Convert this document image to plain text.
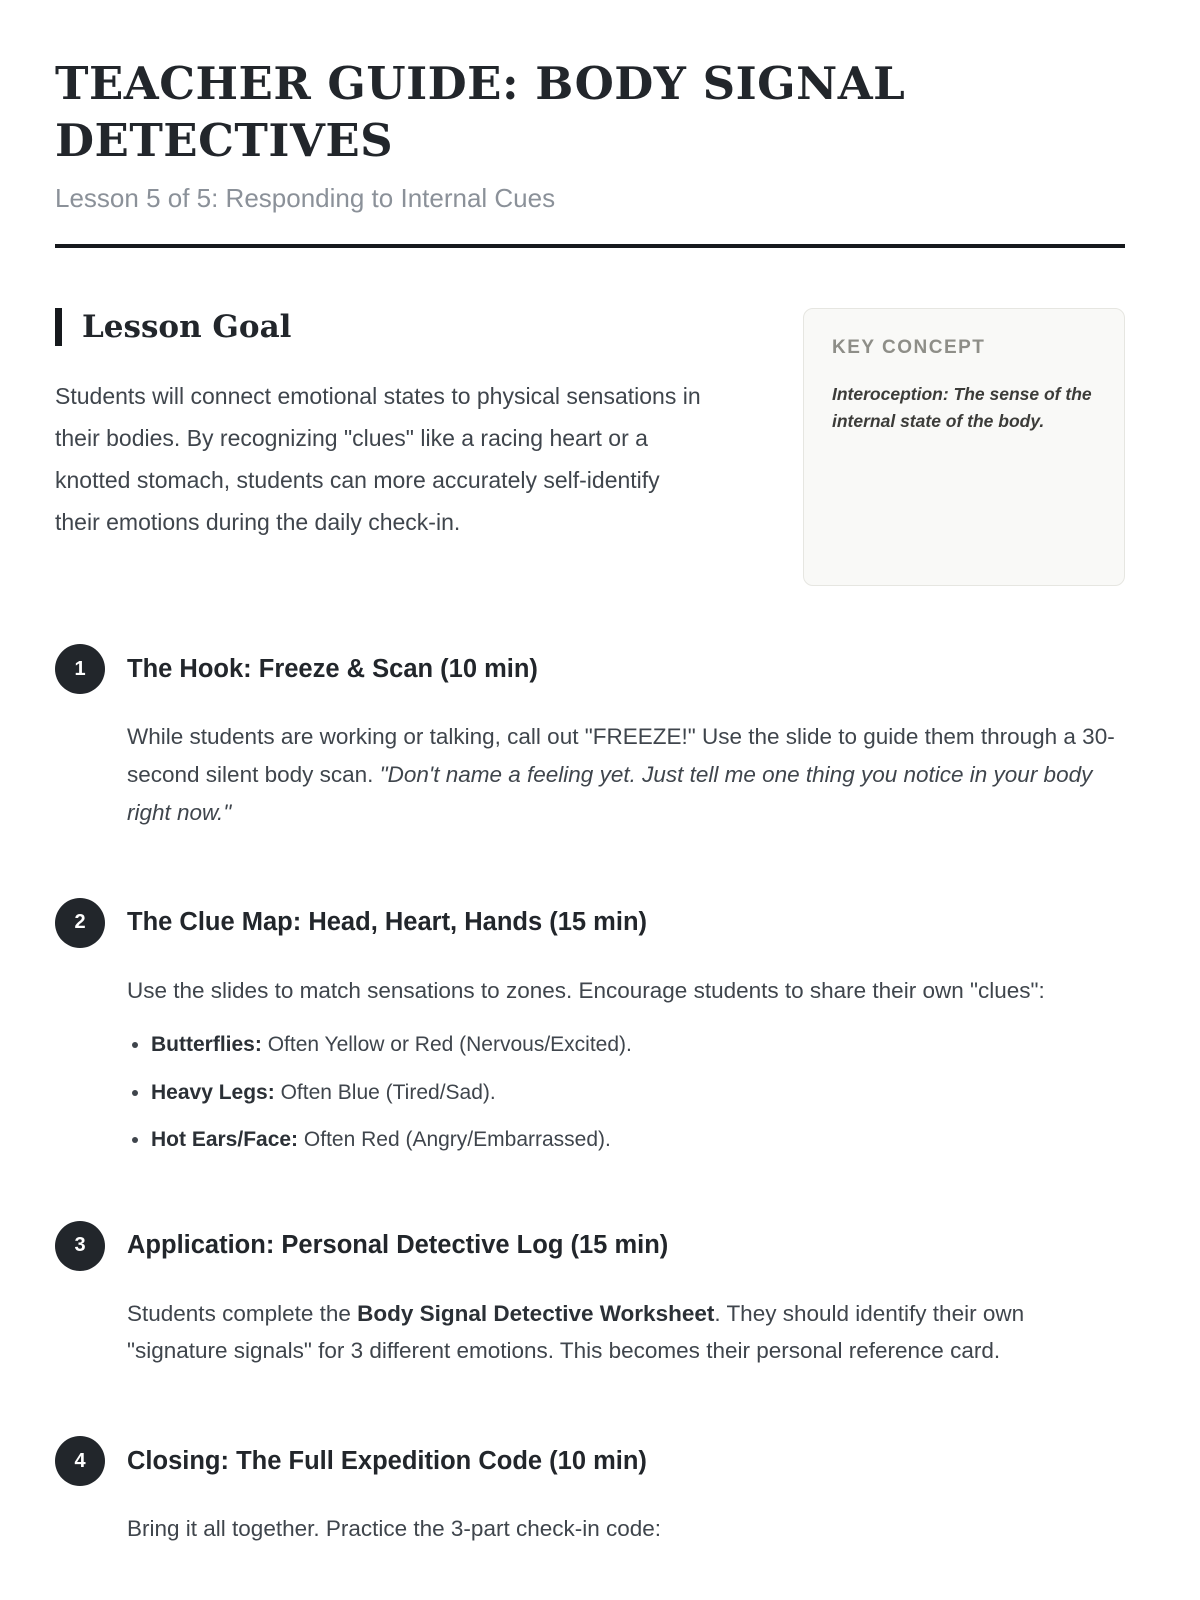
TEACHER GUIDE: BODY SIGNAL DETECTIVES

Lesson 5 of 5: Responding to Internal Cues

Lesson Goal

Students will connect emotional states to physical sensations in their bodies. By recognizing "clues" like a racing heart or a knotted stomach, students can more accurately self-identify their emotions during the daily check-in.

KEY CONCEPT

Interoception: The sense of the internal state of the body.

1	The Hook: Freeze & Scan (10 min)

While students are working or talking, call out "FREEZE!" Use the slide to guide them through a 30-second silent body scan. "Don't name a feeling yet. Just tell me one thing you notice in your body right now."

2	The Clue Map: Head, Heart, Hands (15 min)

Use the slides to match sensations to zones. Encourage students to share their own "clues":

• Butterflies: Often Yellow or Red (Nervous/Excited).
• Heavy Legs: Often Blue (Tired/Sad).
• Hot Ears/Face: Often Red (Angry/Embarrassed).
3	Application: Personal Detective Log (15 min)

Students complete the Body Signal Detective Worksheet. They should identify their own "signature signals" for 3 different emotions. This becomes their personal reference card.

4	Closing: The Full Expedition Code (10 min)

Bring it all together. Practice the 3-part check-in code:
